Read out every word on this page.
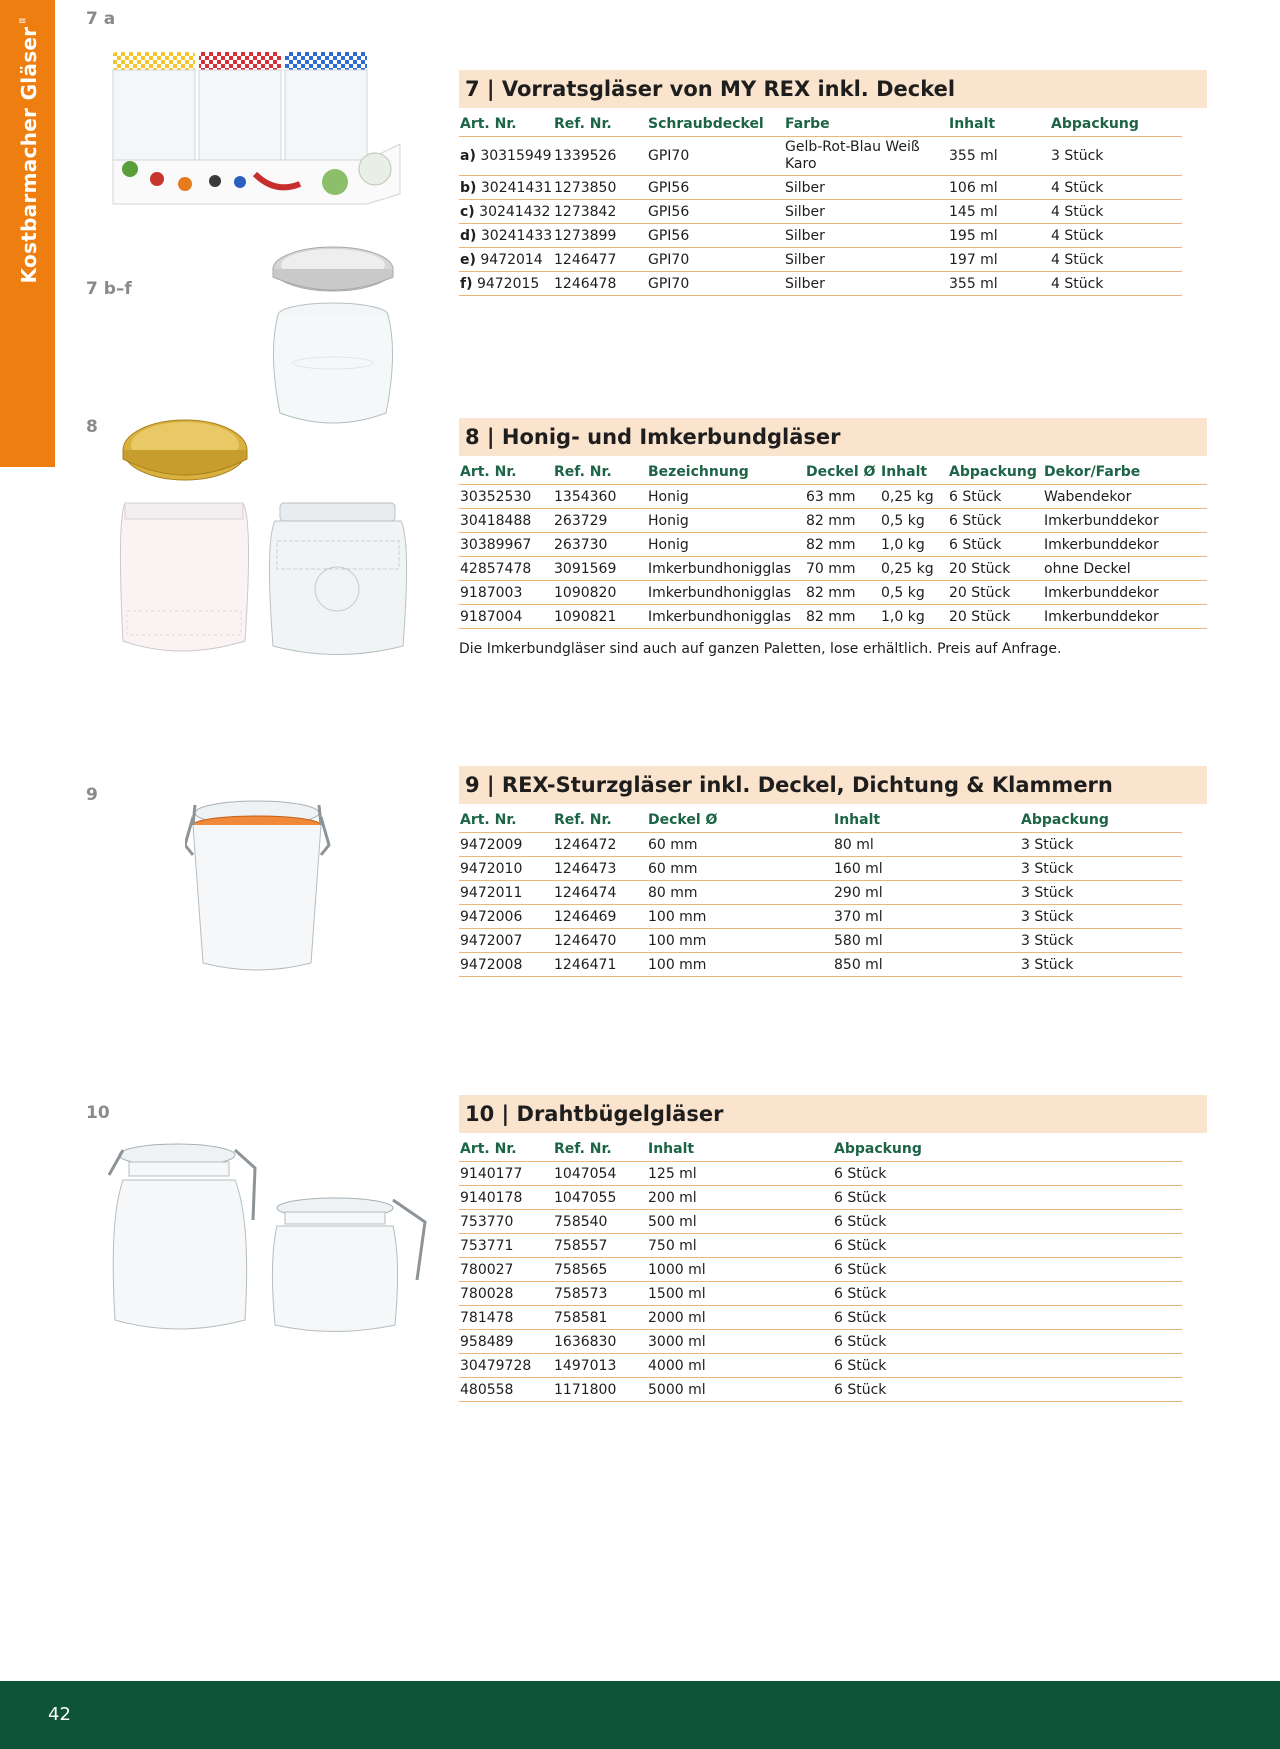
≡
Kostbarmacher Gläser
7 a
7 b–f
8
9
10
7 | Vorratsgläser von MY REX inkl. Deckel
Art. Nr.	Ref. Nr.	Schraubdeckel	Farbe	Inhalt	Abpackung
a) 30315949	1339526	GPI70	Gelb-Rot-Blau Weiß Karo	355 ml	3 Stück
b) 30241431	1273850	GPI56	Silber	106 ml	4 Stück
c) 30241432	1273842	GPI56	Silber	145 ml	4 Stück
d) 30241433	1273899	GPI56	Silber	195 ml	4 Stück
e) 9472014	1246477	GPI70	Silber	197 ml	4 Stück
f) 9472015	1246478	GPI70	Silber	355 ml	4 Stück
8 | Honig- und Imkerbundgläser
Art. Nr.	Ref. Nr.	Bezeichnung	Deckel Ø	Inhalt	Abpackung	Dekor/Farbe
30352530	1354360	Honig	63 mm	0,25 kg	6 Stück	Wabendekor
30418488	263729	Honig	82 mm	0,5 kg	6 Stück	Imkerbunddekor
30389967	263730	Honig	82 mm	1,0 kg	6 Stück	Imkerbunddekor
42857478	3091569	Imkerbundhonigglas	70 mm	0,25 kg	20 Stück	ohne Deckel
9187003	1090820	Imkerbundhonigglas	82 mm	0,5 kg	20 Stück	Imkerbunddekor
9187004	1090821	Imkerbundhonigglas	82 mm	1,0 kg	20 Stück	Imkerbunddekor
Die Imkerbundgläser sind auch auf ganzen Paletten, lose erhältlich. Preis auf Anfrage.
9 | REX-Sturzgläser inkl. Deckel, Dichtung & Klammern
Art. Nr.	Ref. Nr.	Deckel Ø	Inhalt	Abpackung
9472009	1246472	60 mm	80 ml	3 Stück
9472010	1246473	60 mm	160 ml	3 Stück
9472011	1246474	80 mm	290 ml	3 Stück
9472006	1246469	100 mm	370 ml	3 Stück
9472007	1246470	100 mm	580 ml	3 Stück
9472008	1246471	100 mm	850 ml	3 Stück
10 | Drahtbügelgläser
Art. Nr.	Ref. Nr.	Inhalt	Abpackung
9140177	1047054	125 ml	6 Stück
9140178	1047055	200 ml	6 Stück
753770	758540	500 ml	6 Stück
753771	758557	750 ml	6 Stück
780027	758565	1000 ml	6 Stück
780028	758573	1500 ml	6 Stück
781478	758581	2000 ml	6 Stück
958489	1636830	3000 ml	6 Stück
30479728	1497013	4000 ml	6 Stück
480558	1171800	5000 ml	6 Stück
42
